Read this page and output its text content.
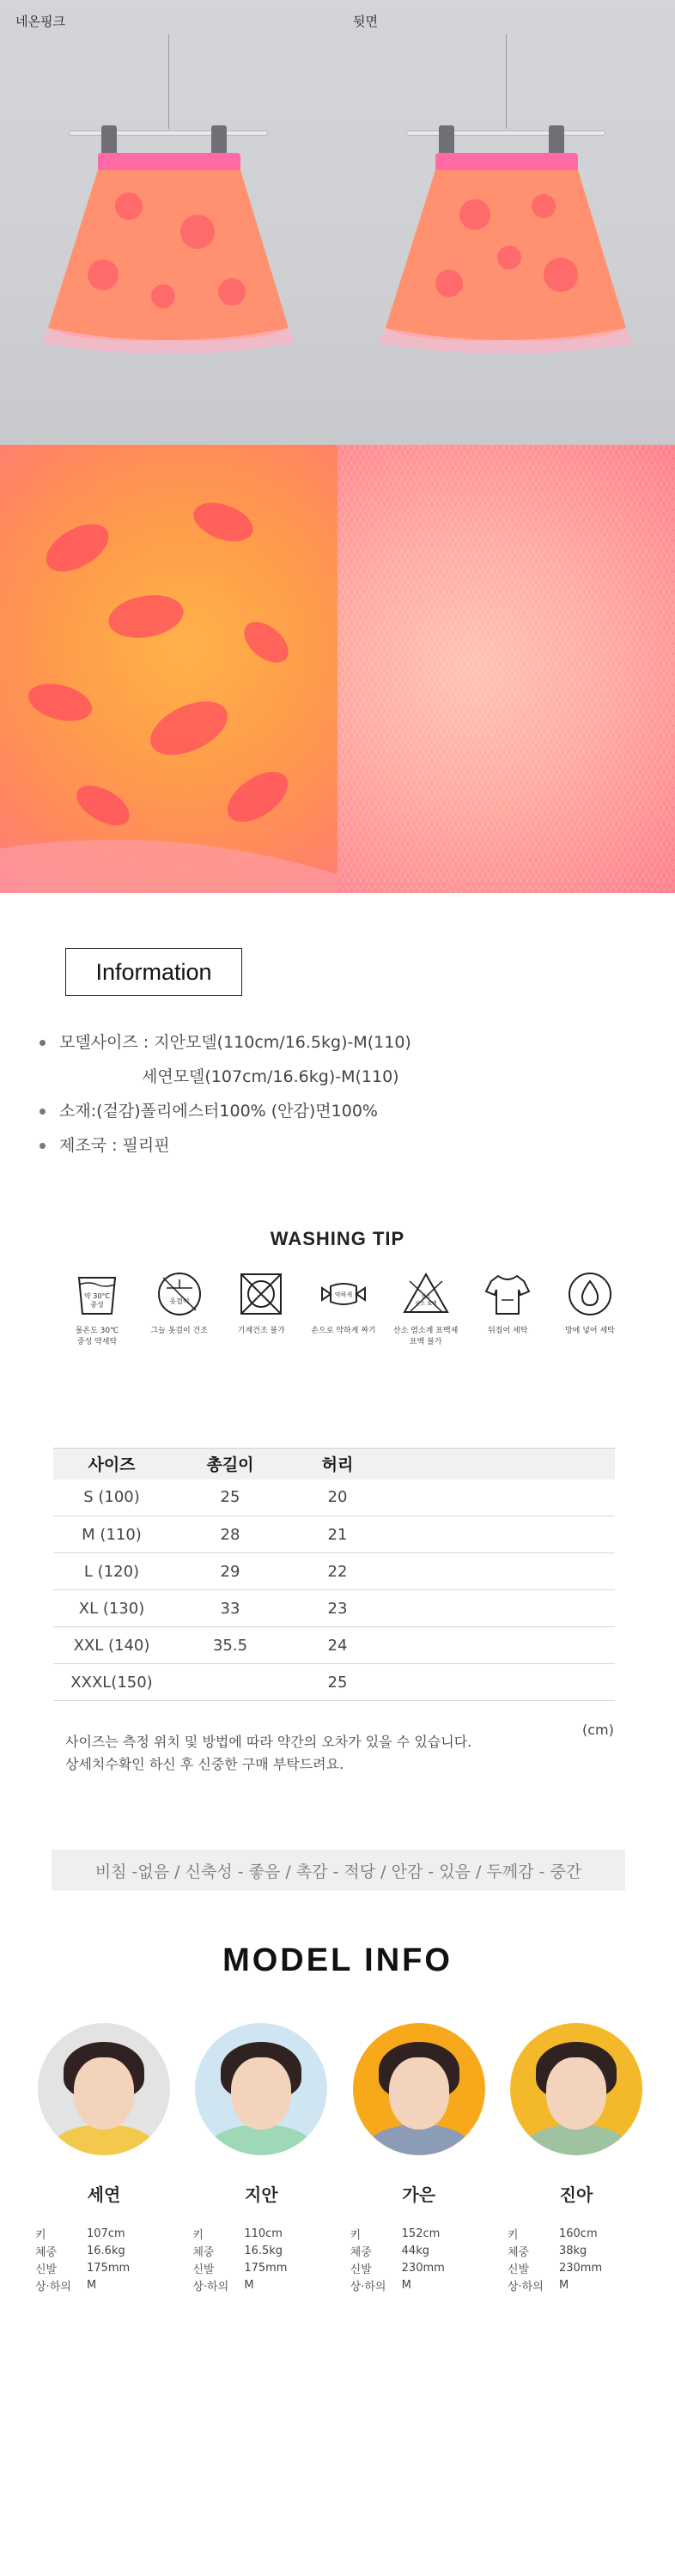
네온핑크	뒷면
Information
모델사이즈 : 지안모델(110cm/16.5kg)-M(110)
세연모델(107cm/16.6kg)-M(110)
소재:(겉감)폴리에스터100% (안감)면100%
제조국 : 필리핀
WASHING TIP
약 30°C
중성
물온도 30℃
중성 약세탁
옷걸이
그늘 옷걸이 건조	기계건조 불가
약하게
손으로 약하게 짜기
염소
산소 표백
산소 염소계 표백제
표백 불가
뒤집어 세탁	망에 넣어 세탁
사이즈	총길이	허리	
S (100)	25	20	
M (110)	28	21	
L (120)	29	22	
XL (130)	33	23	
XXL (140)	35.5	24	
XXXL(150)		25	
(cm)
사이즈는 측정 위치 및 방법에 따라 약간의 오차가 있을 수 있습니다.
상세치수확인 하신 후 신중한 구매 부탁드려요.
비침 -없음 / 신축성 - 좋음 / 촉감 - 적당 / 안감 - 있음 / 두께감 - 중간
MODEL INFO
세연
키	107cm
체중	16.6kg
신발	175mm
상·하의	M
지안
키	110cm
체중	16.5kg
신발	175mm
상·하의	M
가은
키	152cm
체중	44kg
신발	230mm
상·하의	M
진아
키	160cm
체중	38kg
신발	230mm
상·하의	M
